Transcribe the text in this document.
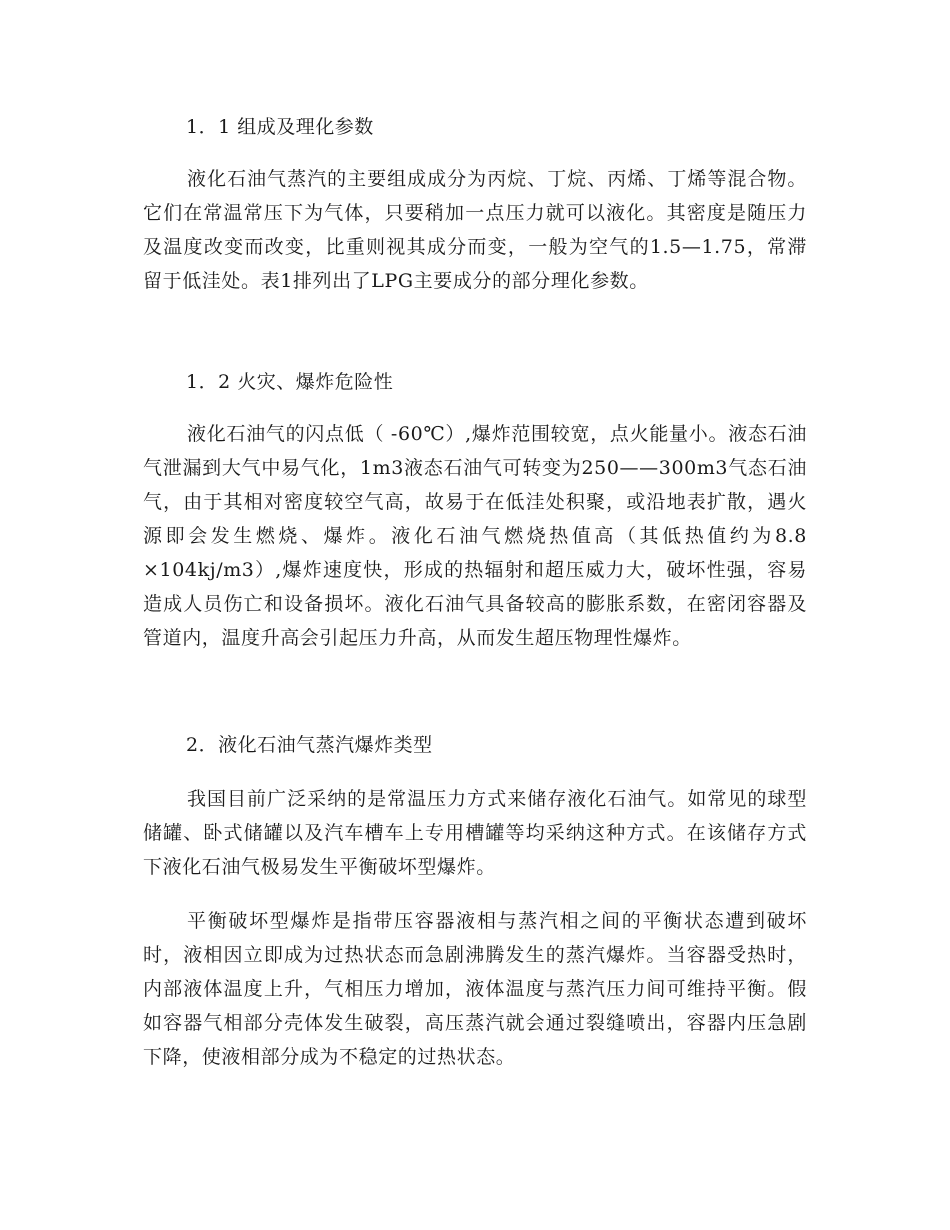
1．1 组成及理化参数
液化石油气蒸汽的主要组成成分为丙烷、丁烷、丙烯、丁烯等混合物。它们在常温常压下为气体，只要稍加一点压力就可以液化。其密度是随压力及温度改变而改变，比重则视其成分而变，一般为空气的1.5—1.75，常滞留于低洼处。表1排列出了LPG主要成分的部分理化参数。
1．2 火灾、爆炸危险性
液化石油气的闪点低（ -60℃）,爆炸范围较宽，点火能量小。液态石油气泄漏到大气中易气化，1m3液态石油气可转变为250——300m3气态石油气，由于其相对密度较空气高，故易于在低洼处积聚，或沿地表扩散，遇火源即会发生燃烧、爆炸。液化石油气燃烧热值高（其低热值约为8.8 ×104kj/m3）,爆炸速度快，形成的热辐射和超压威力大，破坏性强，容易造成人员伤亡和设备损坏。液化石油气具备较高的膨胀系数，在密闭容器及管道内，温度升高会引起压力升高，从而发生超压物理性爆炸。
2．液化石油气蒸汽爆炸类型
我国目前广泛采纳的是常温压力方式来储存液化石油气。如常见的球型储罐、卧式储罐以及汽车槽车上专用槽罐等均采纳这种方式。在该储存方式下液化石油气极易发生平衡破坏型爆炸。
平衡破坏型爆炸是指带压容器液相与蒸汽相之间的平衡状态遭到破坏时，液相因立即成为过热状态而急剧沸腾发生的蒸汽爆炸。当容器受热时，内部液体温度上升，气相压力增加，液体温度与蒸汽压力间可维持平衡。假如容器气相部分壳体发生破裂，高压蒸汽就会通过裂缝喷出，容器内压急剧下降，使液相部分成为不稳定的过热状态。
